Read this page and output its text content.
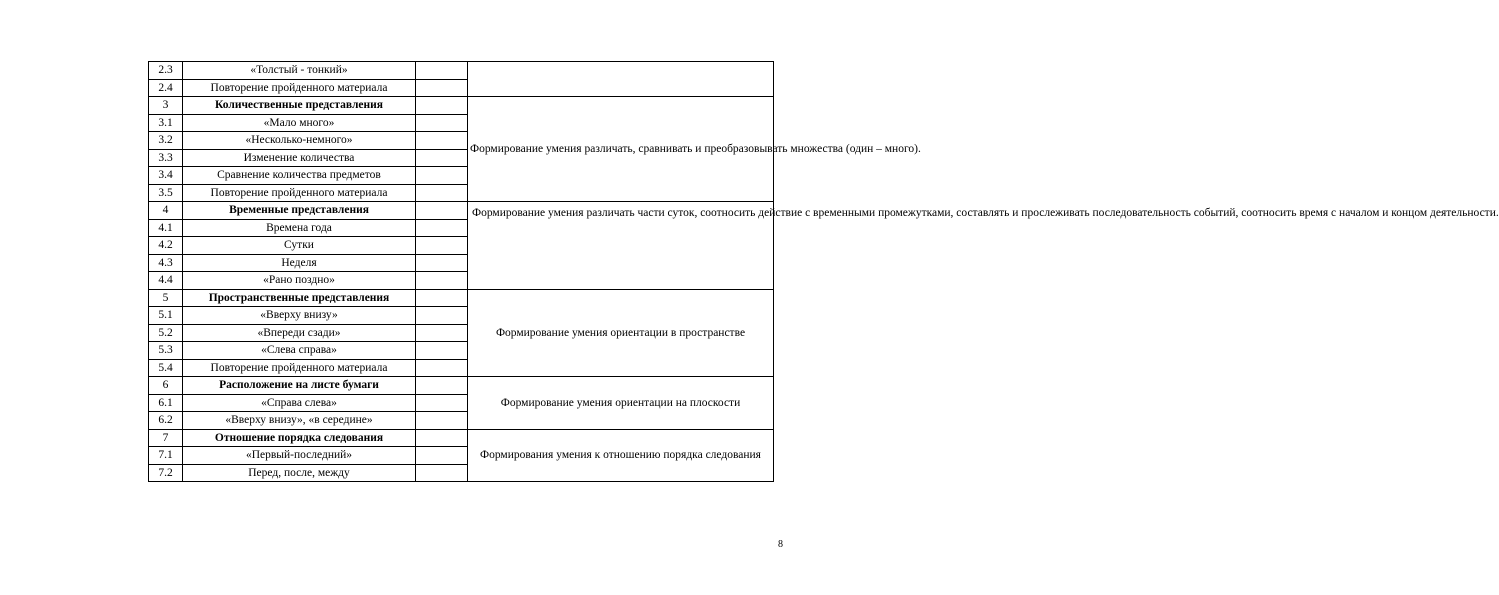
2.3	«Толстый - тонкий»		
2.4	Повторение пройденного материала		
3	Количественные представления		Формирование умения различать, сравнивать и преобразовывать множества (один – много).
3.1	«Мало много»		
3.2	«Несколько-немного»		
3.3	Изменение количества		
3.4	Сравнение количества предметов		
3.5	Повторение пройденного материала		
4	Временные представления		Формирование умения различать части суток, соотносить действие с временными промежутками, составлять и прослеживать последовательность событий, соотносить время с началом и концом деятельности.
4.1	Времена года		
4.2	Сутки		
4.3	Неделя		
4.4	«Рано поздно»		
5	Пространственные представления		Формирование умения ориентации в пространстве
5.1	«Вверху внизу»		
5.2	«Впереди сзади»		
5.3	«Слева справа»		
5.4	Повторение пройденного материала		
6	Расположение на листе бумаги		Формирование умения ориентации на плоскости
6.1	«Справа слева»		
6.2	«Вверху внизу», «в середине»		
7	Отношение порядка следования		Формирования умения к отношению порядка следования
7.1	«Первый-последний»		
7.2	Перед, после, между		
8
